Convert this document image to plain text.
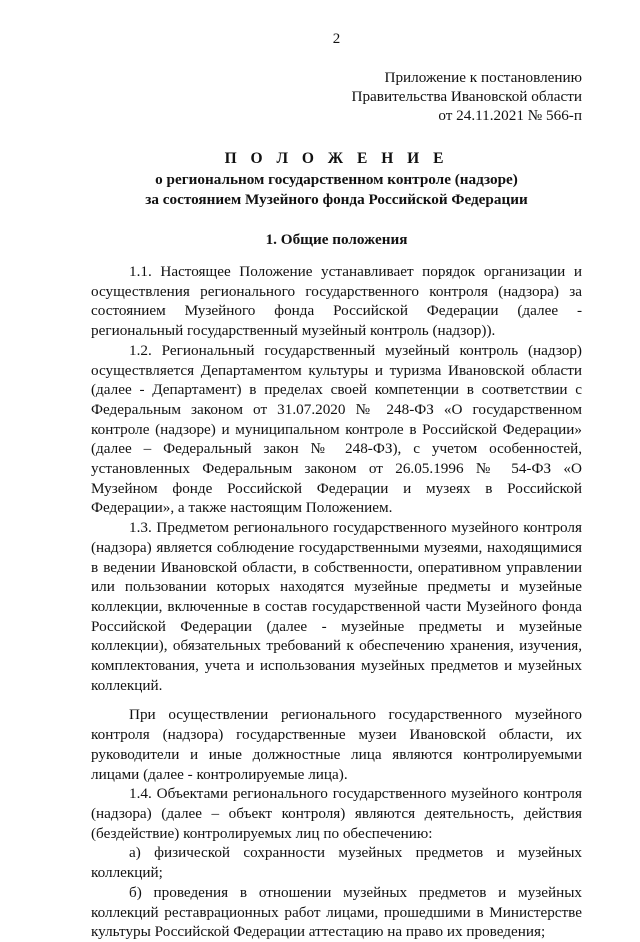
2
Приложение к постановлению
Правительства Ивановской области
от 24.11.2021 № 566-п
П О Л О Ж Е Н И Е
о региональном государственном контроле (надзоре)
за состоянием Музейного фонда Российской Федерации
1. Общие положения

1.1. Настоящее Положение устанавливает порядок организации и осуществления регионального государственного контроля (надзора) за состоянием Музейного фонда Российской Федерации (далее - региональный государственный музейный контроль (надзор)).

1.2. Региональный государственный музейный контроль (надзор) осуществляется Департаментом культуры и туризма Ивановской области (далее - Департамент) в пределах своей компетенции в соответствии с Федеральным законом от 31.07.2020 № 248-ФЗ «О государственном контроле (надзоре) и муниципальном контроле в Российской Федерации» (далее – Федеральный закон № 248-ФЗ), с учетом особенностей, установленных Федеральным законом от 26.05.1996 № 54-ФЗ «О Музейном фонде Российской Федерации и музеях в Российской Федерации», а также настоящим Положением.

1.3. Предметом регионального государственного музейного контроля (надзора) является соблюдение государственными музеями, находящимися в ведении Ивановской области, в собственности, оперативном управлении или пользовании которых находятся музейные предметы и музейные коллекции, включенные в состав государственной части Музейного фонда Российской Федерации (далее - музейные предметы и музейные коллекции), обязательных требований к обеспечению хранения, изучения, комплектования, учета и использования музейных предметов и музейных коллекций.

При осуществлении регионального государственного музейного контроля (надзора) государственные музеи Ивановской области, их руководители и иные должностные лица являются контролируемыми лицами (далее - контролируемые лица).

1.4. Объектами регионального государственного музейного контроля (надзора) (далее – объект контроля) являются деятельность, действия (бездействие) контролируемых лиц по обеспечению:

а) физической сохранности музейных предметов и музейных коллекций;

б) проведения в отношении музейных предметов и музейных коллекций реставрационных работ лицами, прошедшими в Министерстве культуры Российской Федерации аттестацию на право их проведения;
